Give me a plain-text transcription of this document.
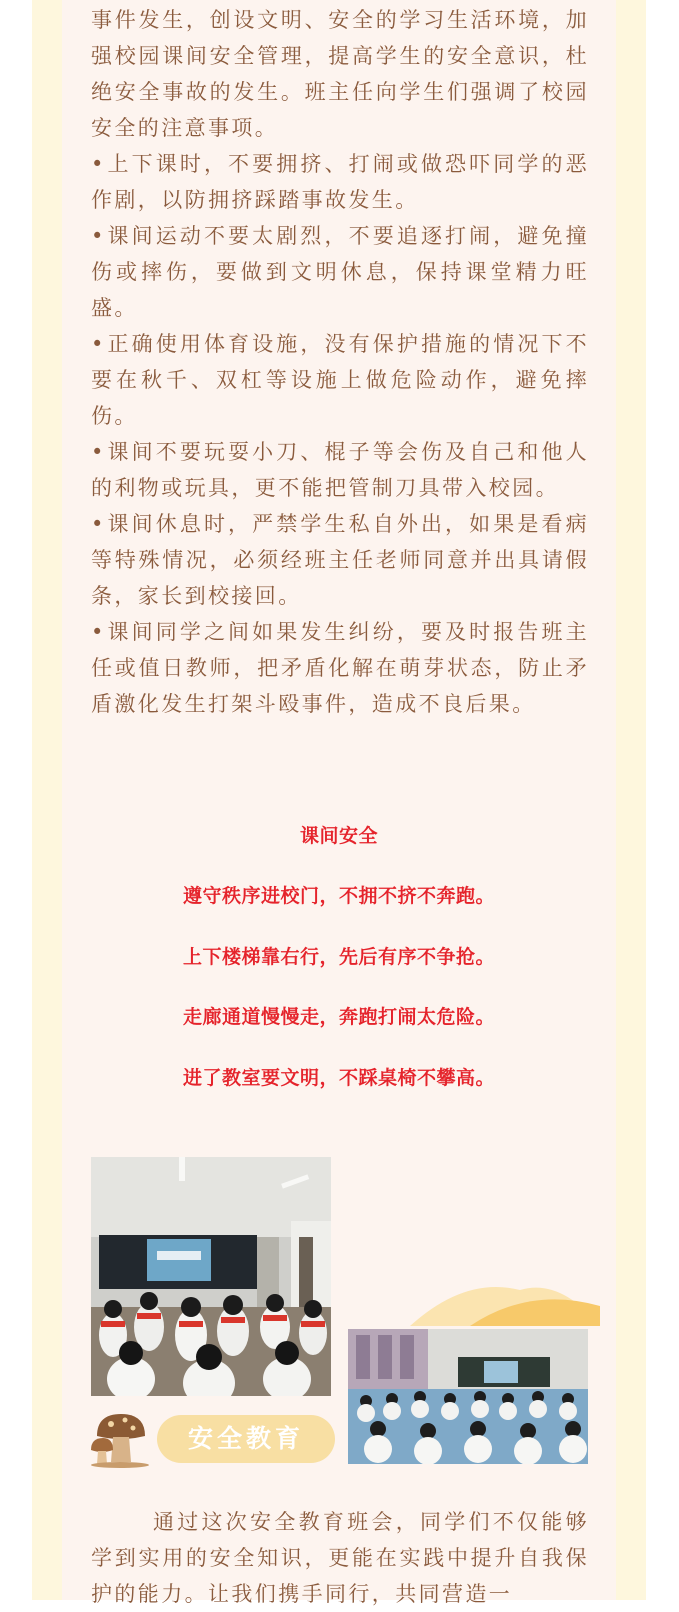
事件发生，创设文明、安全的学习生活环境，加强校园课间安全管理，提高学生的安全意识，杜绝安全事故的发生。班主任向学生们强调了校园安全的注意事项。

•上下课时，不要拥挤、打闹或做恐吓同学的恶作剧，以防拥挤踩踏事故发生。

•课间运动不要太剧烈，不要追逐打闹，避免撞伤或摔伤，要做到文明休息，保持课堂精力旺盛。

•正确使用体育设施，没有保护措施的情况下不要在秋千、双杠等设施上做危险动作，避免摔伤。

•课间不要玩耍小刀、棍子等会伤及自己和他人的利物或玩具，更不能把管制刀具带入校园。

•课间休息时，严禁学生私自外出，如果是看病等特殊情况，必须经班主任老师同意并出具请假条，家长到校接回。

•课间同学之间如果发生纠纷，要及时报告班主任或值日教师，把矛盾化解在萌芽状态，防止矛盾激化发生打架斗殴事件，造成不良后果。

课间安全
遵守秩序进校门，不拥不挤不奔跑。
上下楼梯靠右行，先后有序不争抢。
走廊通道慢慢走，奔跑打闹太危险。
进了教室要文明，不踩桌椅不攀高。
安全教育

通过这次安全教育班会，同学们不仅能够学到实用的安全知识，更能在实践中提升自我保护的能力。让我们携手同行，共同营造一
